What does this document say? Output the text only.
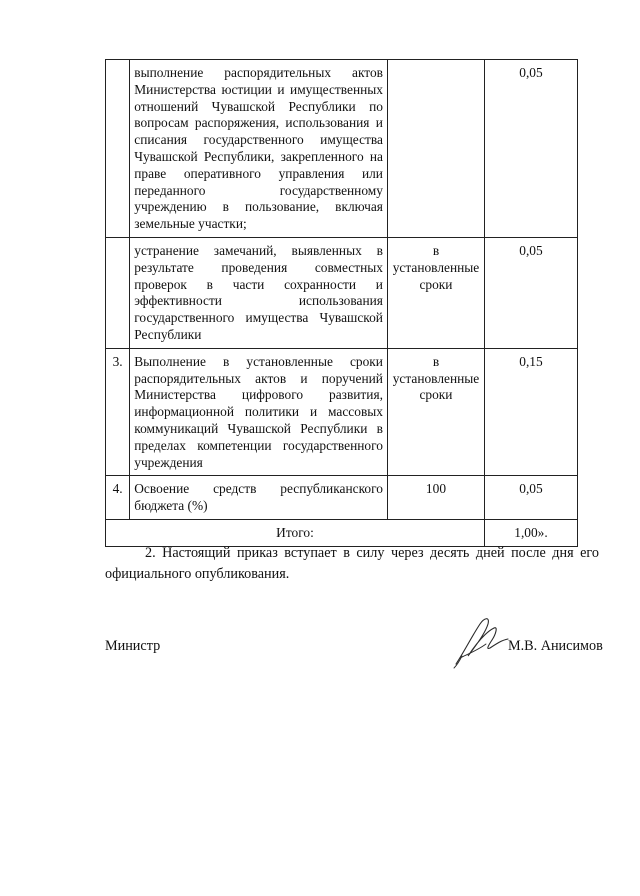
	выполнение распорядительных актов Министерства юстиции и имущественных отношений Чувашской Республики по вопросам распоряжения, использования и списания государственного имущества Чувашской Республики, закрепленного на праве оперативного управления или переданного государственному учреждению в пользование, включая земельные участки;		0,05
	устранение замечаний, выявленных в результате проведения совместных проверок в части сохранности и эффективности использования государственного имущества Чувашской Республики	в установленные сроки	0,05
3.	Выполнение в установленные сроки распорядительных актов и поручений Министерства цифрового развития, информационной политики и массовых коммуникаций Чувашской Республики в пределах компетенции государственного учреждения	в установленные сроки	0,15
4.	Освоение средств республиканского бюджета (%)	100	0,05
Итого:			1,00».

2. Настоящий приказ вступает в силу через десять дней после дня его официального опубликования.

Министр	М.В. Анисимов
